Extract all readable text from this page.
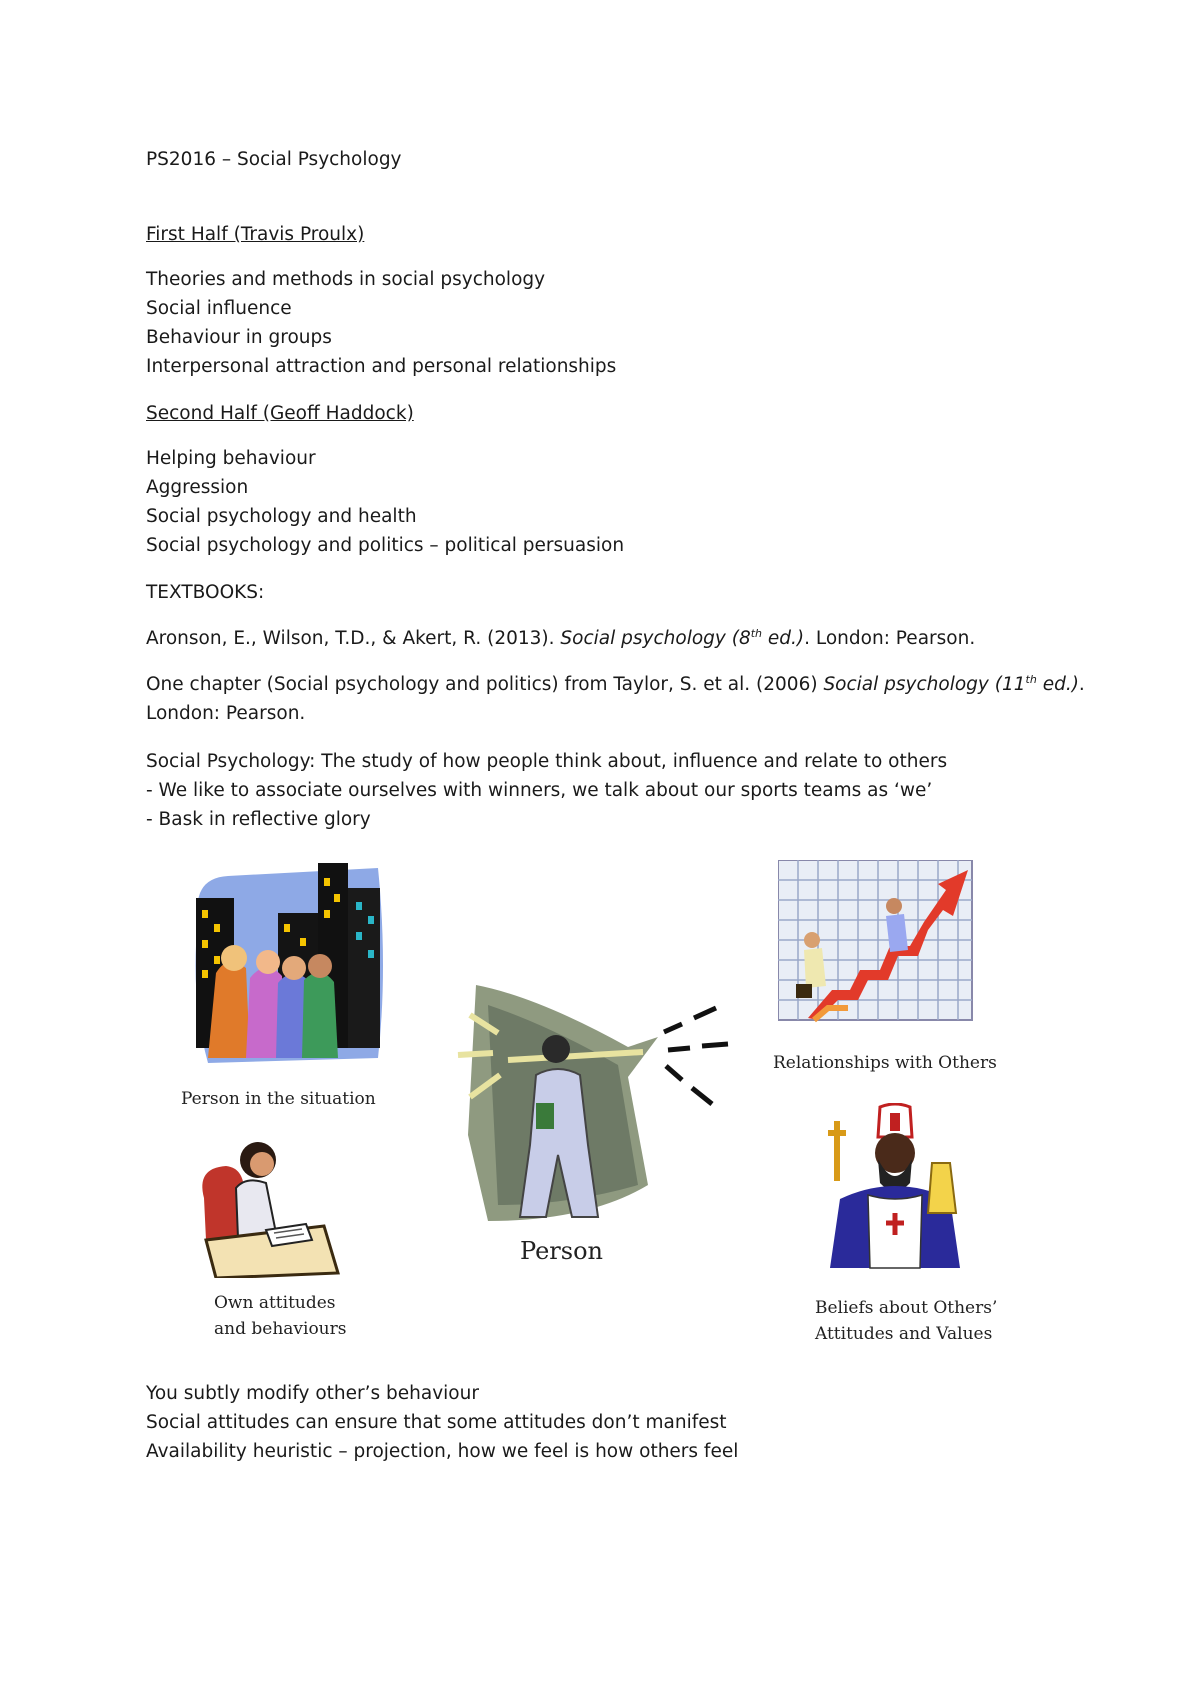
PS2016 – Social Psychology
First Half (Travis Proulx)
Theories and methods in social psychology
Social influence
Behaviour in groups
Interpersonal attraction and personal relationships
Second Half (Geoff Haddock)
Helping behaviour
Aggression
Social psychology and health
Social psychology and politics – political persuasion
TEXTBOOKS:
Aronson, E., Wilson, T.D., & Akert, R. (2013). Social psychology (8th ed.). London: Pearson.
One chapter (Social psychology and politics) from Taylor, S. et al. (2006) Social psychology (11th ed.).
London: Pearson.
Social Psychology: The study of how people think about, influence and relate to others
- We like to associate ourselves with winners, we talk about our sports teams as ‘we’
- Bask in reflective glory
Person in the situation
Own attitudes
and behaviours
Person
Relationships with Others
Beliefs about Others’
Attitudes and Values
You subtly modify other’s behaviour
Social attitudes can ensure that some attitudes don’t manifest
Availability heuristic – projection, how we feel is how others feel
